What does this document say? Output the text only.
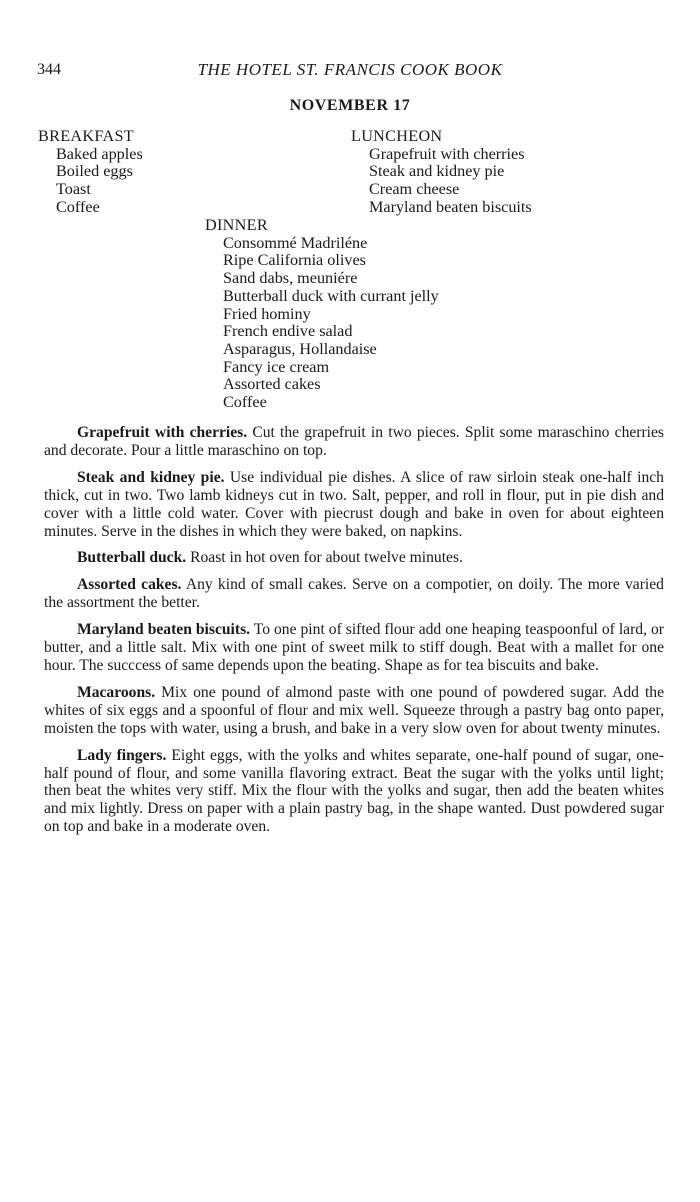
344	THE HOTEL ST. FRANCIS COOK BOOK
NOVEMBER 17
BREAKFAST
Baked apples
Boiled eggs
Toast
Coffee
LUNCHEON
Grapefruit with cherries
Steak and kidney pie
Cream cheese
Maryland beaten biscuits
DINNER
Consommé Madriléne
Ripe California olives
Sand dabs, meuniére
Butterball duck with currant jelly
Fried hominy
French endive salad
Asparagus, Hollandaise
Fancy ice cream
Assorted cakes
Coffee

Grapefruit with cherries. Cut the grapefruit in two pieces. Split some maraschino cherries and decorate. Pour a little maraschino on top.

Steak and kidney pie. Use individual pie dishes. A slice of raw sirloin steak one-half inch thick, cut in two. Two lamb kidneys cut in two. Salt, pepper, and roll in flour, put in pie dish and cover with a little cold water. Cover with piecrust dough and bake in oven for about eighteen minutes. Serve in the dishes in which they were baked, on napkins.

Butterball duck. Roast in hot oven for about twelve minutes.

Assorted cakes. Any kind of small cakes. Serve on a compotier, on doily. The more varied the assortment the better.

Maryland beaten biscuits. To one pint of sifted flour add one heaping teaspoonful of lard, or butter, and a little salt. Mix with one pint of sweet milk to stiff dough. Beat with a mallet for one hour. The succcess of same depends upon the beating. Shape as for tea biscuits and bake.

Macaroons. Mix one pound of almond paste with one pound of powdered sugar. Add the whites of six eggs and a spoonful of flour and mix well. Squeeze through a pastry bag onto paper, moisten the tops with water, using a brush, and bake in a very slow oven for about twenty minutes.

Lady fingers. Eight eggs, with the yolks and whites separate, one-half pound of sugar, one-half pound of flour, and some vanilla flavoring extract. Beat the sugar with the yolks until light; then beat the whites very stiff. Mix the flour with the yolks and sugar, then add the beaten whites and mix lightly. Dress on paper with a plain pastry bag, in the shape wanted. Dust powdered sugar on top and bake in a moderate oven.
